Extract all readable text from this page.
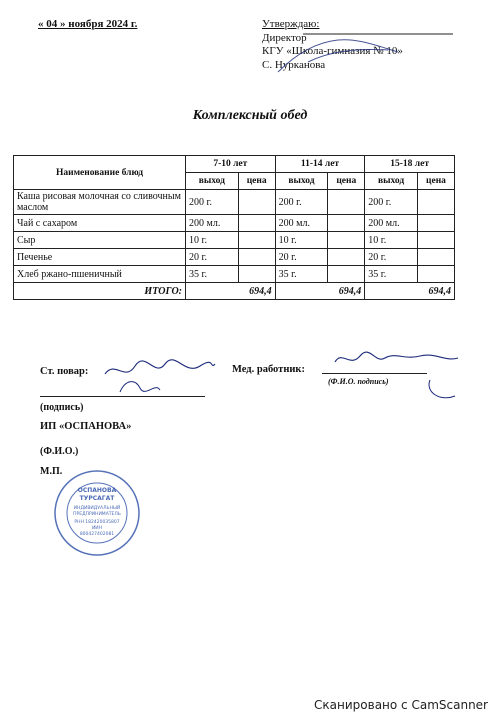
« 04 » ноября 2024 г.	Утверждаю:
Директор
КГУ «Школа-гимназия № 10»
С. Нурканова
Комплексный обед
Наименование блюд	7-10 лет		11-14 лет		15-18 лет	
	выход	цена	выход	цена	выход	цена
Каша рисовая молочная со сливочным маслом	200 г.		200 г.		200 г.	
Чай с сахаром	200 мл.		200 мл.		200 мл.	
Сыр	10 г.		10 г.		10 г.	
Печенье	20 г.		20 г.		20 г.	
Хлеб ржано-пшеничный	35 г.		35 г.		35 г.	
ИТОГО:	694,4		694,4		694,4	
Ст. повар:
(подпись)
ИП «ОСПАНОВА»
(Ф.И.О.)
М.П.
Мед. работник:
(Ф.И.О. подпись)
ОСПАНОВА
ТУРСАГАТ
ИНДИВИДУАЛЬНЫЙ
ПРЕДПРИНИМАТЕЛЬ
РНН 182420035807
ИИН
800427402081
Сканировано с CamScanner
